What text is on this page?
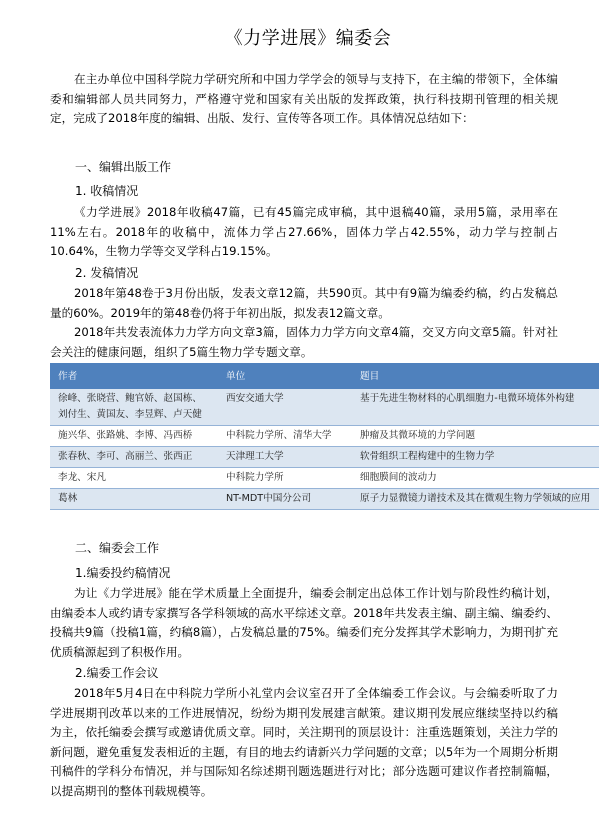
《力学进展》编委会
在主办单位中国科学院力学研究所和中国力学学会的领导与支持下，在主编的带领下，全体编委和编辑部人员共同努力，严格遵守党和国家有关出版的发挥政策，执行科技期刊管理的相关规定，完成了2018年度的编辑、出版、发行、宣传等各项工作。具体情况总结如下：
一、编辑出版工作
1. 收稿情况
《力学进展》2018年收稿47篇，已有45篇完成审稿，其中退稿40篇，录用5篇，录用率在11%左右。2018年的收稿中，流体力学占27.66%，固体力学占42.55%，动力学与控制占10.64%，生物力学等交叉学科占19.15%。
2. 发稿情况
2018年第48卷于3月份出版，发表文章12篇，共590页。其中有9篇为编委约稿，约占发稿总量的60%。2019年的第48卷仍将于年初出版，拟发表12篇文章。
2018年共发表流体力力学方向文章3篇，固体力力学方向文章4篇，交叉方向文章5篇。针对社会关注的健康问题，组织了5篇生物力学专题文章。
作者	单位	题目
徐峰、张晓营、鲍官娇、赵国栋、刘付生、黄国友、李昱辉、卢天健	西安交通大学	基于先进生物材料的心肌细胞力-电微环境体外构建
施兴华、张路姚、李博、冯西桥	中科院力学所、清华大学	肿瘤及其微环境的力学问题
张春秋、李可、高丽兰、张西正	天津理工大学	软骨组织工程构建中的生物力学
李龙、宋凡	中科院力学所	细胞膜间的波动力
葛林	NT-MDT中国分公司	原子力显微镜力谱技术及其在微观生物力学领域的应用
二、编委会工作
1.编委投约稿情况
为让《力学进展》能在学术质量上全面提升，编委会制定出总体工作计划与阶段性约稿计划，由编委本人或约请专家撰写各学科领域的高水平综述文章。2018年共发表主编、副主编、编委约、投稿共9篇（投稿1篇，约稿8篇），占发稿总量的75%。编委们充分发挥其学术影响力，为期刊扩充优质稿源起到了积极作用。
2.编委工作会议
2018年5月4日在中科院力学所小礼堂内会议室召开了全体编委工作会议。与会编委听取了力学进展期刊改革以来的工作进展情况，纷纷为期刊发展建言献策。建议期刊发展应继续坚持以约稿为主，依托编委会撰写或邀请优质文章。同时，关注期刊的顶层设计：注重选题策划，关注力学的新问题，避免重复发表相近的主题，有目的地去约请新兴力学问题的文章；以5年为一个周期分析期刊稿件的学科分布情况，并与国际知名综述期刊题选题进行对比；部分选题可建议作者控制篇幅，以提高期刊的整体刊载规模等。
